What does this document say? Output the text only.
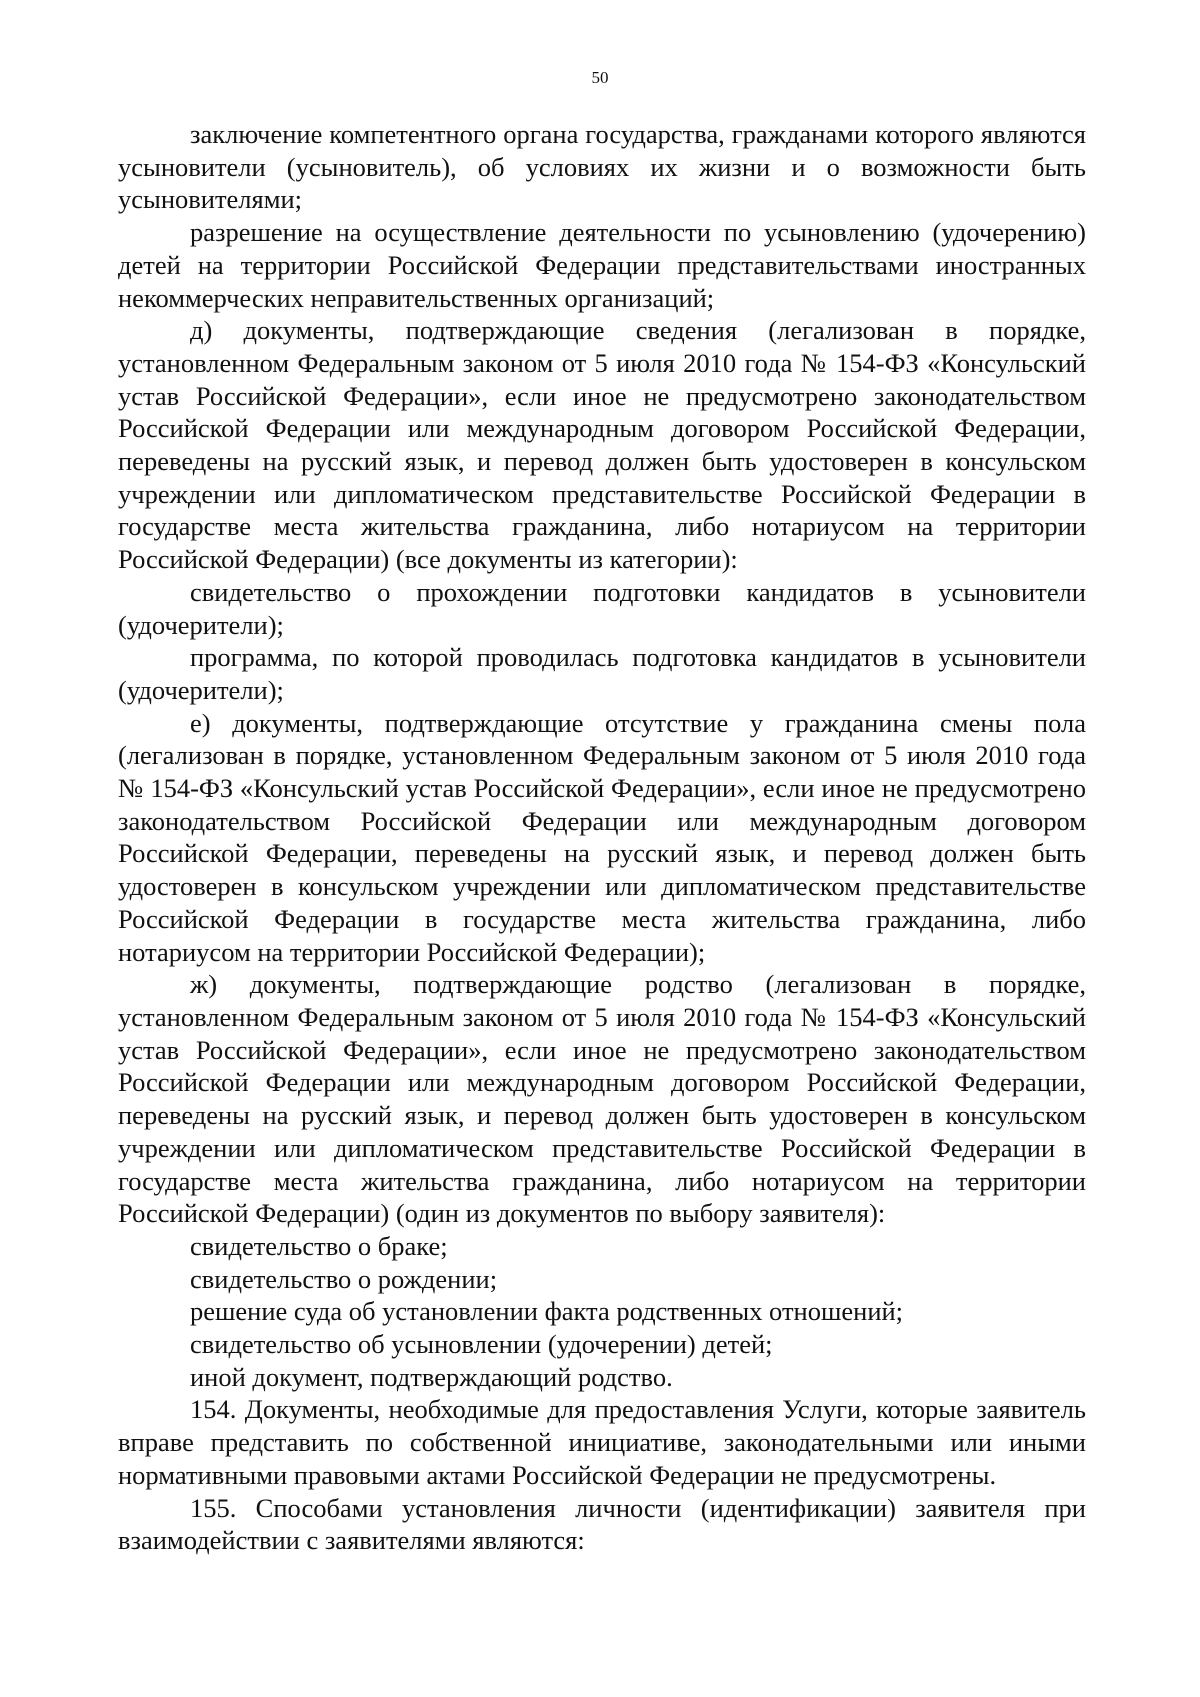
50

заключение компетентного органа государства, гражданами которого являются усыновители (усыновитель), об условиях их жизни и о возможности быть усыновителями;

разрешение на осуществление деятельности по усыновлению (удочерению) детей на территории Российской Федерации представительствами иностранных некоммерческих неправительственных организаций;

д) документы, подтверждающие сведения (легализован в порядке, установленном Федеральным законом от 5 июля 2010 года № 154-ФЗ «Консульский устав Российской Федерации», если иное не предусмотрено законодательством Российской Федерации или международным договором Российской Федерации, переведены на русский язык, и перевод должен быть удостоверен в консульском учреждении или дипломатическом представительстве Российской Федерации в государстве места жительства гражданина, либо нотариусом на территории Российской Федерации) (все документы из категории):

свидетельство о прохождении подготовки кандидатов в усыновители (удочерители);

программа, по которой проводилась подготовка кандидатов в усыновители (удочерители);

е) документы, подтверждающие отсутствие у гражданина смены пола (легализован в порядке, установленном Федеральным законом от 5 июля 2010 года № 154-ФЗ «Консульский устав Российской Федерации», если иное не предусмотрено законодательством Российской Федерации или международным договором Российской Федерации, переведены на русский язык, и перевод должен быть удостоверен в консульском учреждении или дипломатическом представительстве Российской Федерации в государстве места жительства гражданина, либо нотариусом на территории Российской Федерации);

ж) документы, подтверждающие родство (легализован в порядке, установленном Федеральным законом от 5 июля 2010 года № 154-ФЗ «Консульский устав Российской Федерации», если иное не предусмотрено законодательством Российской Федерации или международным договором Российской Федерации, переведены на русский язык, и перевод должен быть удостоверен в консульском учреждении или дипломатическом представительстве Российской Федерации в государстве места жительства гражданина, либо нотариусом на территории Российской Федерации) (один из документов по выбору заявителя):

свидетельство о браке;

свидетельство о рождении;

решение суда об установлении факта родственных отношений;

свидетельство об усыновлении (удочерении) детей;

иной документ, подтверждающий родство.

154. Документы, необходимые для предоставления Услуги, которые заявитель вправе представить по собственной инициативе, законодательными или иными нормативными правовыми актами Российской Федерации не предусмотрены.

155. Способами установления личности (идентификации) заявителя при взаимодействии с заявителями являются:
